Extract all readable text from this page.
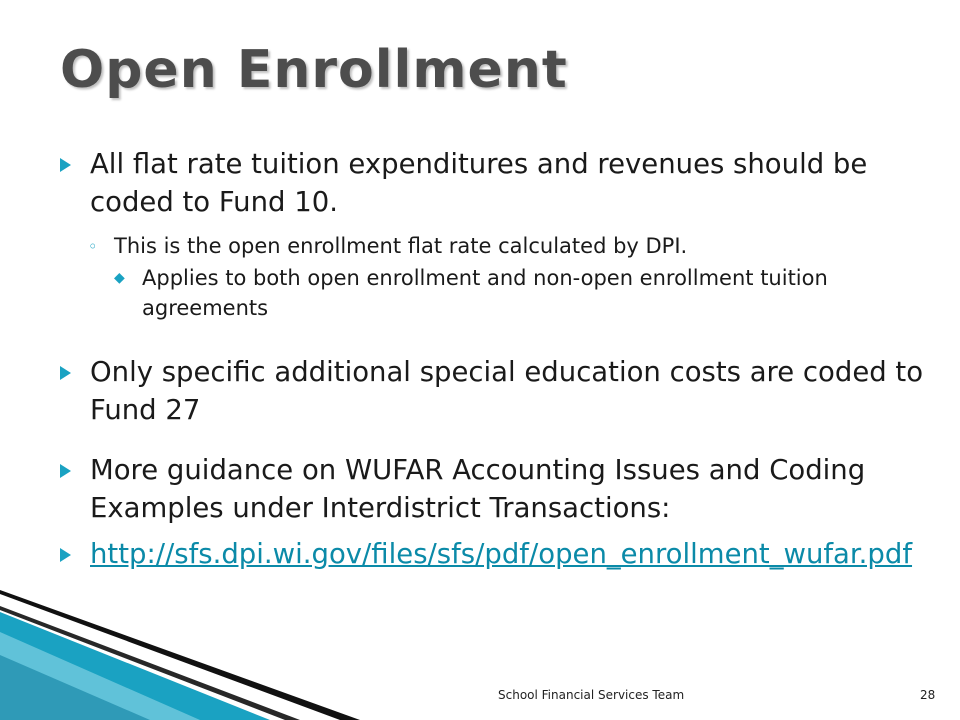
Open Enrollment
All flat rate tuition expenditures and revenues should be coded to Fund 10.
◦ This is the open enrollment flat rate calculated by DPI.
◆ Applies to both open enrollment and non-open enrollment tuition agreements
Only specific additional special education costs are coded to Fund 27
More guidance on WUFAR Accounting Issues and Coding Examples under Interdistrict Transactions:
http://sfs.dpi.wi.gov/files/sfs/pdf/open_enrollment_wufar.pdf
School Financial Services Team	28
